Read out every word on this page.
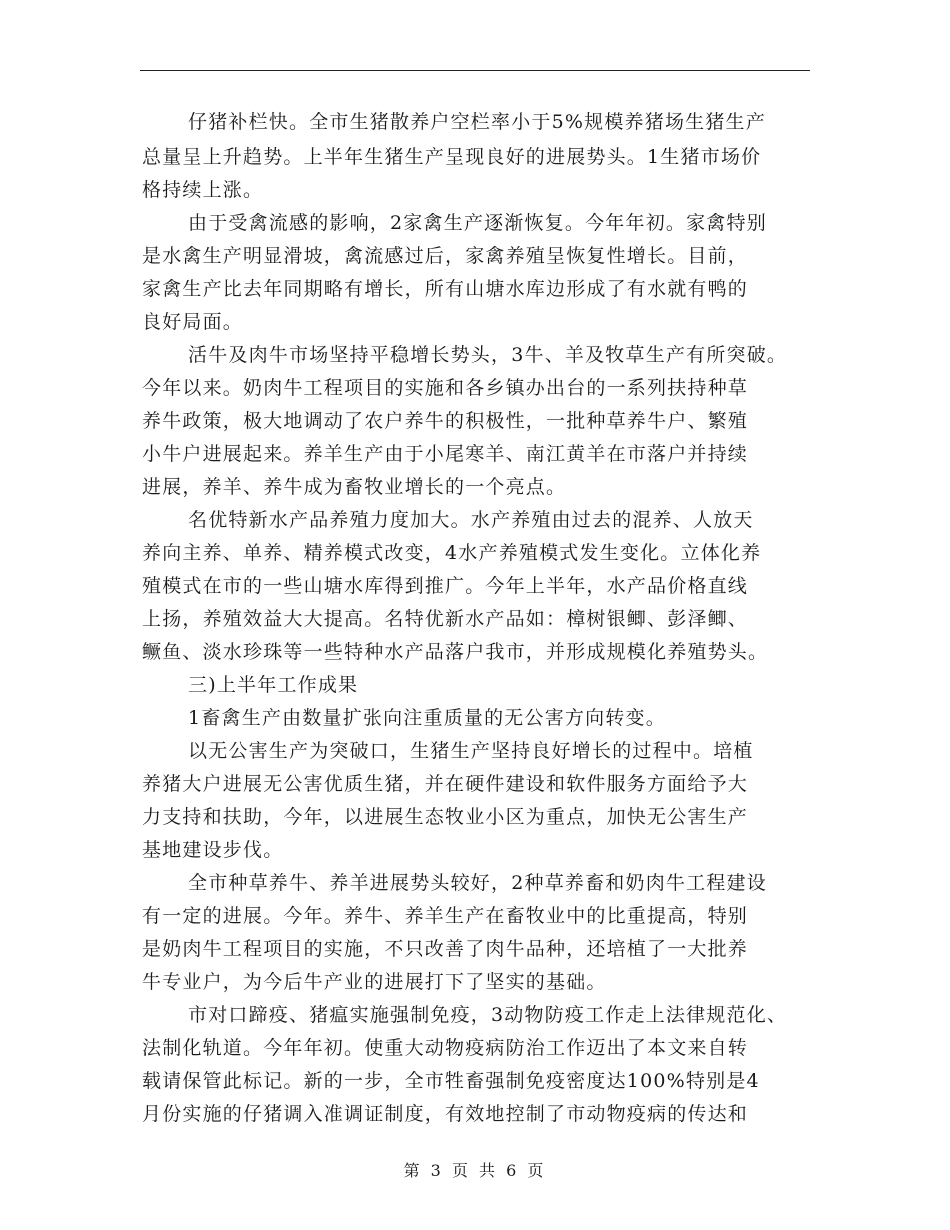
仔猪补栏快。全市生猪散养户空栏率小于5%规模养猪场生猪生产
总量呈上升趋势。上半年生猪生产呈现良好的进展势头。1生猪市场价
格持续上涨。
由于受禽流感的影响，2家禽生产逐渐恢复。今年年初。家禽特别
是水禽生产明显滑坡，禽流感过后，家禽养殖呈恢复性增长。目前，
家禽生产比去年同期略有增长，所有山塘水库边形成了有水就有鸭的
良好局面。
活牛及肉牛市场坚持平稳增长势头，3牛、羊及牧草生产有所突破。
今年以来。奶肉牛工程项目的实施和各乡镇办出台的一系列扶持种草
养牛政策，极大地调动了农户养牛的积极性，一批种草养牛户、繁殖
小牛户进展起来。养羊生产由于小尾寒羊、南江黄羊在市落户并持续
进展，养羊、养牛成为畜牧业增长的一个亮点。
名优特新水产品养殖力度加大。水产养殖由过去的混养、人放天
养向主养、单养、精养模式改变，4水产养殖模式发生变化。立体化养
殖模式在市的一些山塘水库得到推广。今年上半年，水产品价格直线
上扬，养殖效益大大提高。名特优新水产品如：樟树银鲫、彭泽鲫、
鳜鱼、淡水珍珠等一些特种水产品落户我市，并形成规模化养殖势头。
三)上半年工作成果
1畜禽生产由数量扩张向注重质量的无公害方向转变。
以无公害生产为突破口，生猪生产坚持良好增长的过程中。培植
养猪大户进展无公害优质生猪，并在硬件建设和软件服务方面给予大
力支持和扶助，今年，以进展生态牧业小区为重点，加快无公害生产
基地建设步伐。
全市种草养牛、养羊进展势头较好，2种草养畜和奶肉牛工程建设
有一定的进展。今年。养牛、养羊生产在畜牧业中的比重提高，特别
是奶肉牛工程项目的实施，不只改善了肉牛品种，还培植了一大批养
牛专业户，为今后牛产业的进展打下了坚实的基础。
市对口蹄疫、猪瘟实施强制免疫，3动物防疫工作走上法律规范化、
法制化轨道。今年年初。使重大动物疫病防治工作迈出了本文来自转
载请保管此标记。新的一步，全市牲畜强制免疫密度达100%特别是4
月份实施的仔猪调入准调证制度，有效地控制了市动物疫病的传达和
第 3 页 共 6 页
